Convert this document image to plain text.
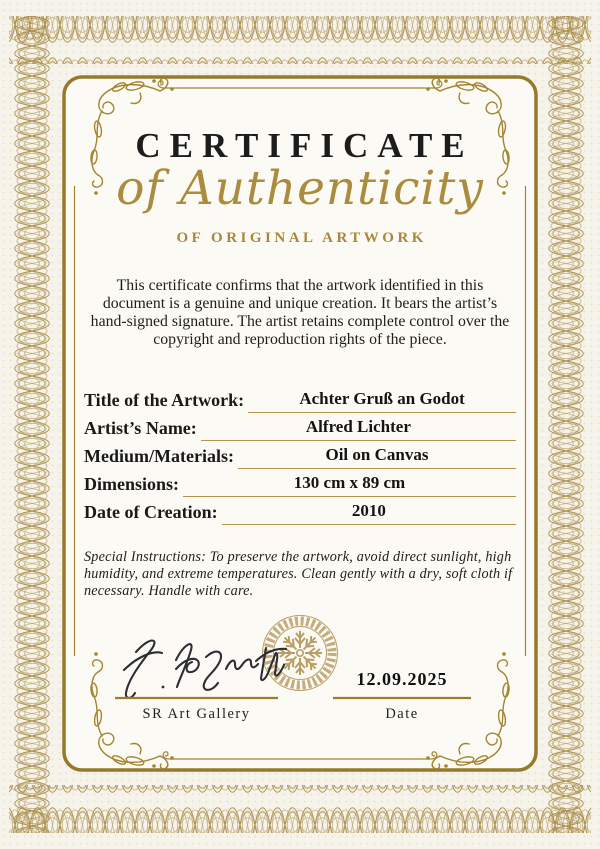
CERTIFICATE
of Authenticity
OF ORIGINAL ARTWORK
This certificate confirms that the artwork identified in this document is a genuine and unique creation. It bears the artist’s hand-signed signature. The artist retains complete control over the copyright and reproduction rights of the piece.
Title of the Artwork:	Achter Gruß an Godot
Artist’s Name:	Alfred Lichter
Medium/Materials:	Oil on Canvas
Dimensions:	130 cm x 89 cm
Date of Creation:	2010
Special Instructions: To preserve the artwork, avoid direct sunlight, high humidity, and extreme temperatures. Clean gently with a dry, soft cloth if necessary. Handle with care.
12.09.2025
SR Art Gallery	Date
